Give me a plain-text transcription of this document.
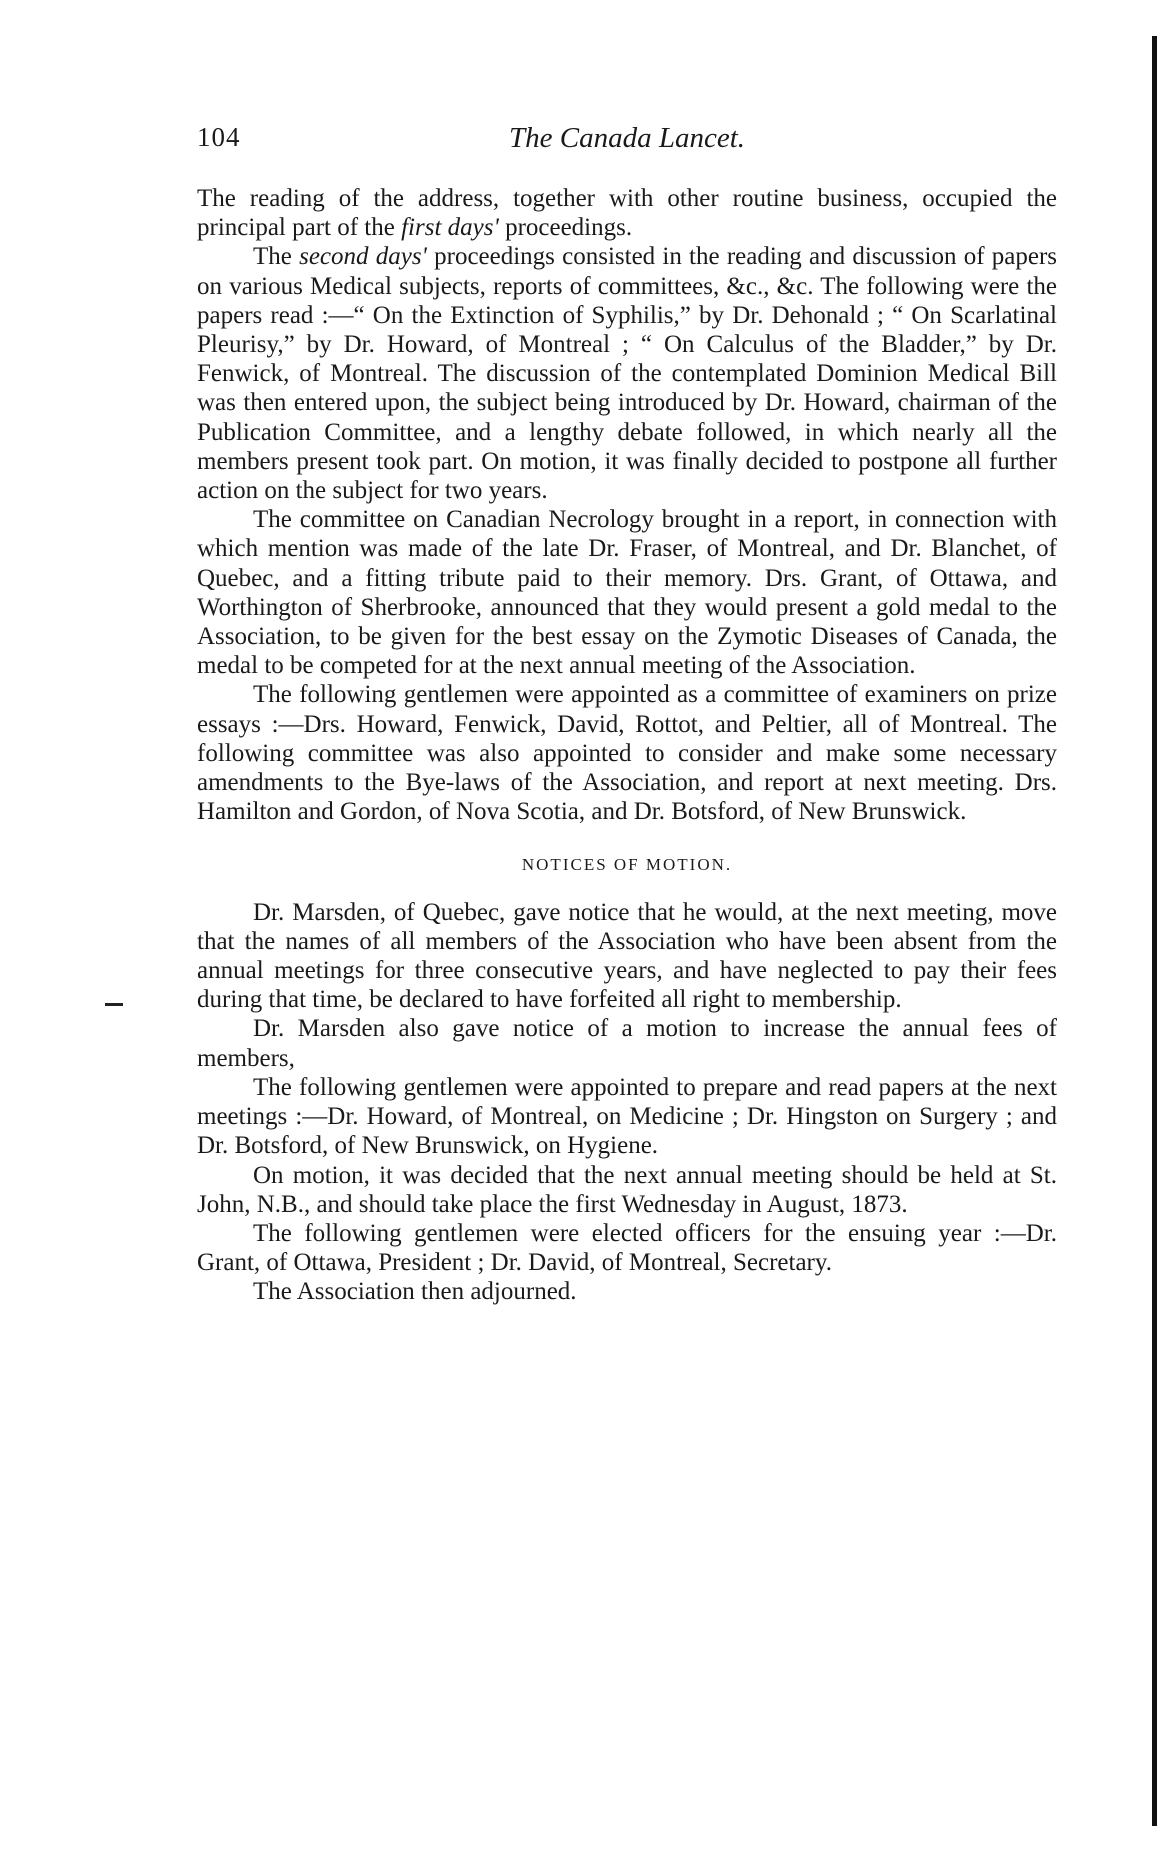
104	The Canada Lancet.

The reading of the address, together with other routine business, occupied the principal part of the first days' proceedings.

The second days' proceedings consisted in the reading and discussion of papers on various Medical subjects, reports of committees, &c., &c. The following were the papers read :—“ On the Extinction of Syphilis,” by Dr. Dehonald ; “ On Scarlatinal Pleurisy,” by Dr. Howard, of Montreal ; “ On Calculus of the Bladder,” by Dr. Fenwick, of Montreal. The discussion of the contemplated Dominion Medical Bill was then entered upon, the subject being introduced by Dr. Howard, chairman of the Publication Committee, and a lengthy debate followed, in which nearly all the members present took part. On motion, it was finally decided to postpone all further action on the subject for two years.

The committee on Canadian Necrology brought in a report, in connection with which mention was made of the late Dr. Fraser, of Montreal, and Dr. Blanchet, of Quebec, and a fitting tribute paid to their memory. Drs. Grant, of Ottawa, and Worthington of Sherbrooke, announced that they would present a gold medal to the Association, to be given for the best essay on the Zymotic Diseases of Canada, the medal to be competed for at the next annual meeting of the Association.

The following gentlemen were appointed as a committee of examiners on prize essays :—Drs. Howard, Fenwick, David, Rottot, and Peltier, all of Montreal. The following committee was also appointed to consider and make some necessary amendments to the Bye-laws of the Association, and report at next meeting. Drs. Hamilton and Gordon, of Nova Scotia, and Dr. Botsford, of New Brunswick.

NOTICES OF MOTION.

Dr. Marsden, of Quebec, gave notice that he would, at the next meeting, move that the names of all members of the Association who have been absent from the annual meetings for three consecutive years, and have neglected to pay their fees during that time, be declared to have forfeited all right to membership.

Dr. Marsden also gave notice of a motion to increase the annual fees of members,

The following gentlemen were appointed to prepare and read papers at the next meetings :—Dr. Howard, of Montreal, on Medicine ; Dr. Hingston on Surgery ; and Dr. Botsford, of New Brunswick, on Hygiene.

On motion, it was decided that the next annual meeting should be held at St. John, N.B., and should take place the first Wednesday in August, 1873.

The following gentlemen were elected officers for the ensuing year :—Dr. Grant, of Ottawa, President ; Dr. David, of Montreal, Secretary.

The Association then adjourned.
